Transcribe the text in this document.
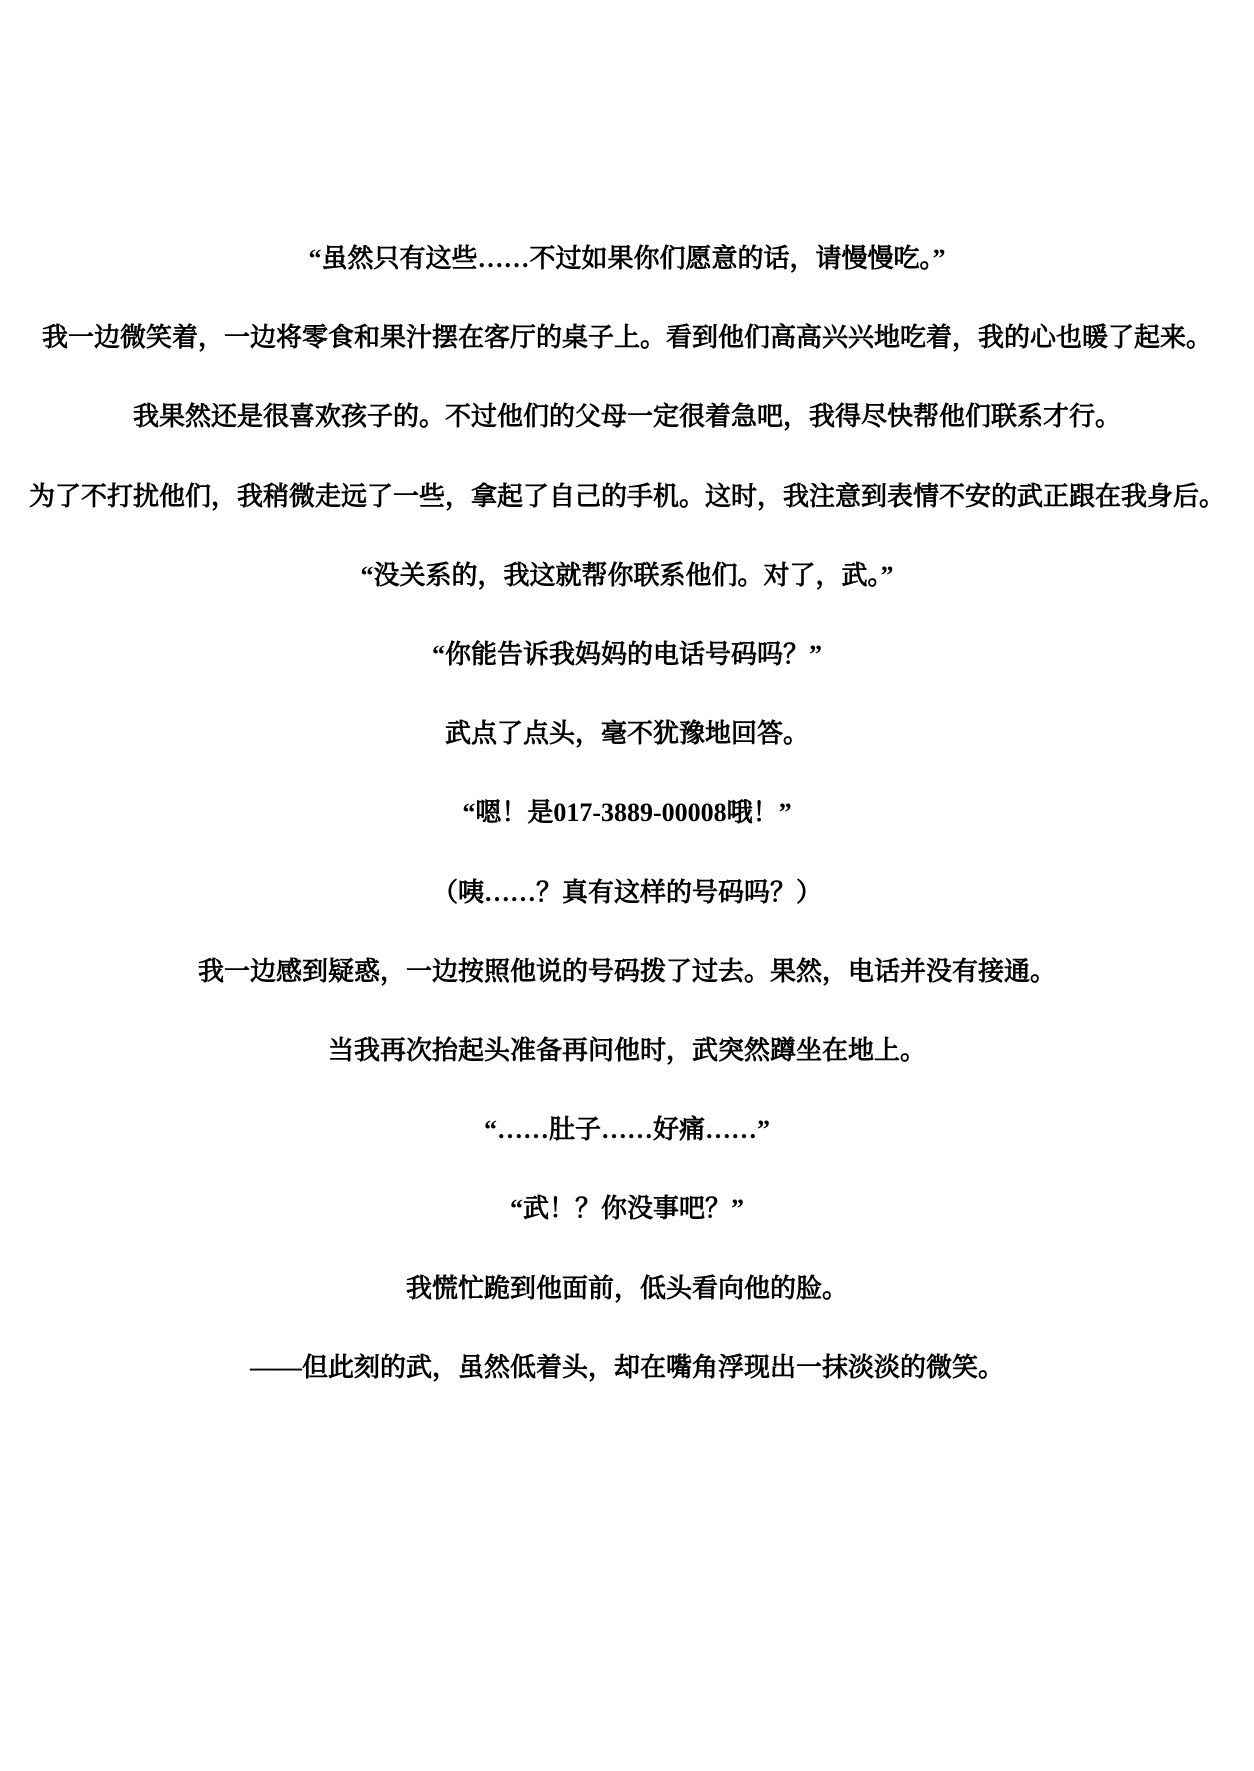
“虽然只有这些……不过如果你们愿意的话，请慢慢吃。”

我一边微笑着，一边将零食和果汁摆在客厅的桌子上。看到他们高高兴兴地吃着，我的心也暖了起来。

我果然还是很喜欢孩子的。不过他们的父母一定很着急吧，我得尽快帮他们联系才行。

为了不打扰他们，我稍微走远了一些，拿起了自己的手机。这时，我注意到表情不安的武正跟在我身后。

“没关系的，我这就帮你联系他们。对了，武。”

“你能告诉我妈妈的电话号码吗？”

武点了点头，毫不犹豫地回答。

“嗯！是017-3889-00008哦！”

（咦……？真有这样的号码吗？）

我一边感到疑惑，一边按照他说的号码拨了过去。果然，电话并没有接通。

当我再次抬起头准备再问他时，武突然蹲坐在地上。

“……肚子……好痛……”

“武！？你没事吧？”

我慌忙跪到他面前，低头看向他的脸。

——但此刻的武，虽然低着头，却在嘴角浮现出一抹淡淡的微笑。
